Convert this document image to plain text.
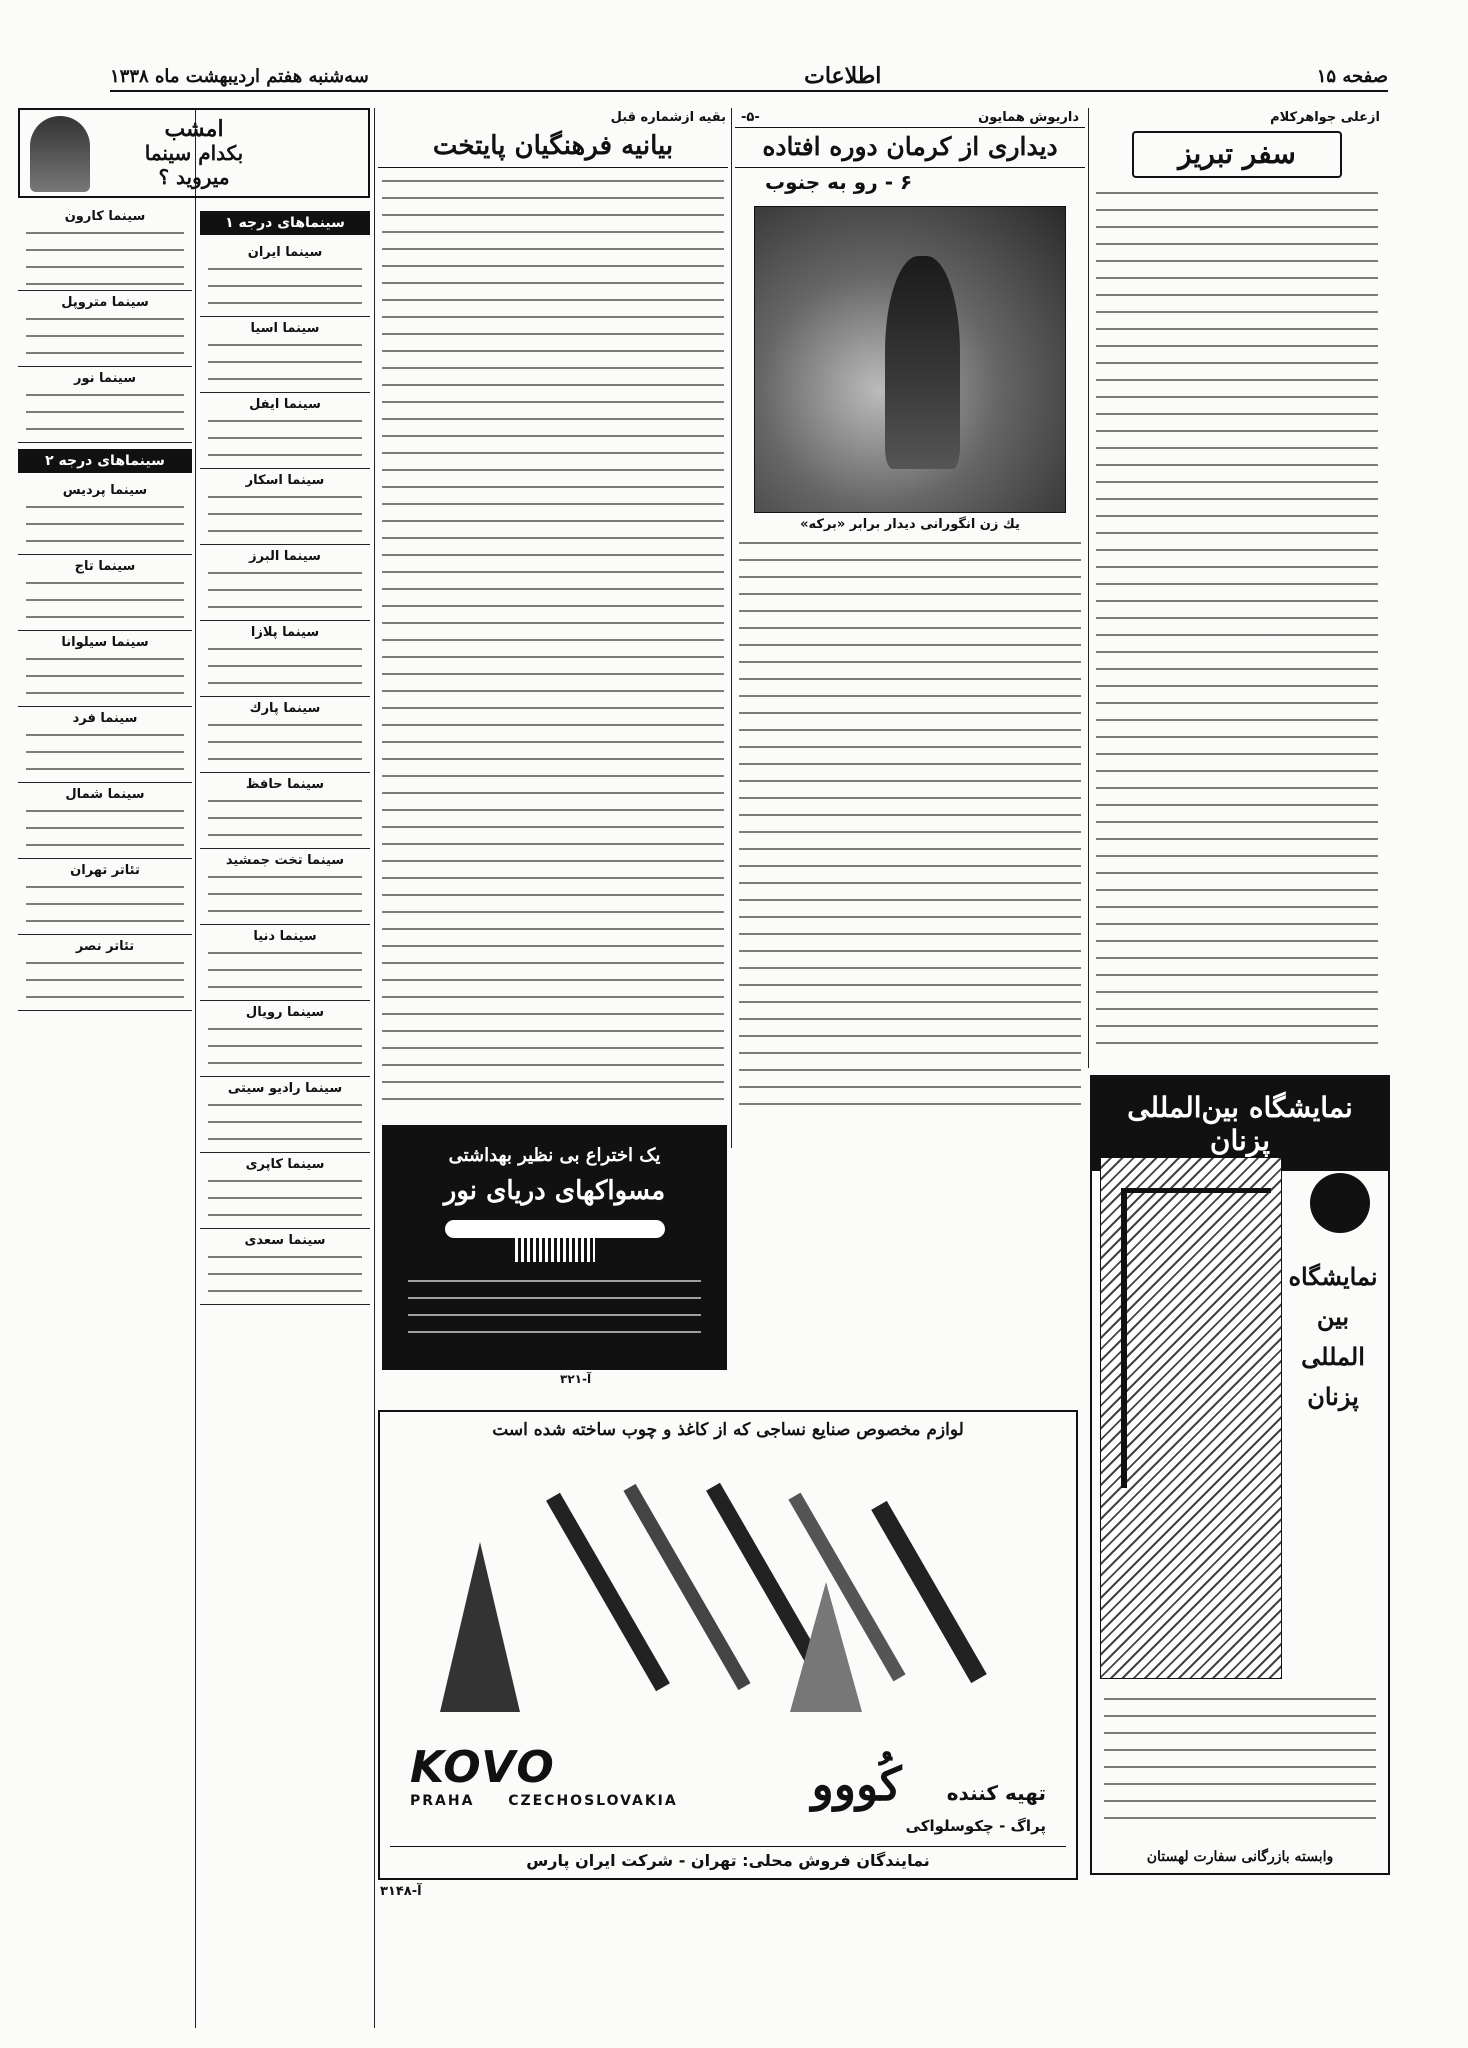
صفحه ۱۵
اطلاعات
سه‌شنبه هفتم اردیبهشت ماه ۱۳۳۸
ازعلی جواهرکلام
سفر تبریز
داریوش همایون
-۵-
دیداری از کرمان دوره افتاده
۶ - رو به جنوب
یك زن انگورانی دیدار برابر «برکه»
بقیه ازشماره قبل
بیانیه فرهنگیان پایتخت
امشب
بکدام سینما
میروید ؟
سینماهای درجه ۱
سینما ایران
سینما اسیا
سینما ایفل
سینما اسکار
سینما البرز
سینما پلازا
سینما پارك
سینما حافظ
سینما تخت جمشید
سینما دنیا
سینما رویال
سینما رادیو سیتی
سینما کاپری
سینما سعدی
سینما کارون
سینما متروپل
سینما نور
سینماهای درجه ۲
سینما پردیس
سینما تاج
سینما سیلوانا
سینما فرد
سینما شمال
تئاتر تهران
تئاتر نصر
یک اختراع بی نظیر بهداشتی
مسواکهای دریای نور
آ-۳۲۱
نمایشگاه بین‌المللی پزنان
نمایشگاه بین المللی پزنان
وابسته بازرگانی سفارت لهستان
لوازم مخصوص صنایع نساجی که از کاغذ و چوب ساخته شده است
KOVO
PRAHA CZECHOSLOVAKIA	تهیه کننده کُووو
پراگ - چکوسلواکی
نمایندگان فروش محلی: تهران - شرکت ایران پارس
آ-۳۱۴۸
